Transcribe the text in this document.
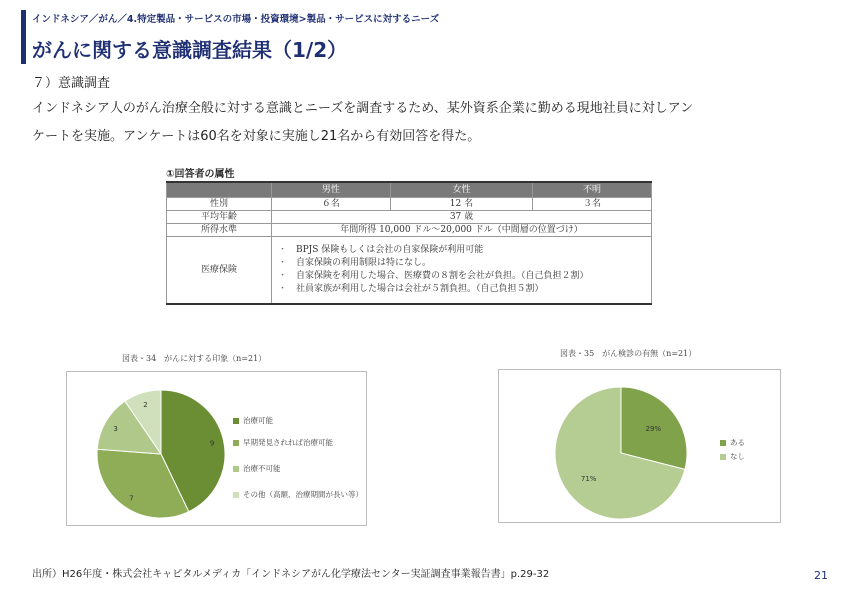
インドネシア／がん／4.特定製品・サービスの市場・投資環境>製品・サービスに対するニーズ
がんに関する意識調査結果（1/2）
７）意識調査
インドネシア人のがん治療全般に対する意識とニーズを調査するため、某外資系企業に勤める現地社員に対しアン
ケートを実施。アンケートは60名を対象に実施し21名から有効回答を得た。
①回答者の属性
	男性	女性	不明
性別	６名	12 名	３名
平均年齢	37 歳		
所得水準	年間所得 10,000 ドル～20,000 ドル（中間層の位置づけ）		
医療保険	・ BPJS 保険もしくは会社の自家保険が利用可能
・ 自家保険の利用制限は特になし。
・ 自家保険を利用した場合、医療費の８割を会社が負担。（自己負担２割）
・ 社員家族が利用した場合は会社が５割負担。（自己負担５割）		
図表・34　がんに対する印象（n=21）
9
7
3
2
治療可能
早期発見されれば治療可能
治療不可能
その他（高額、治療期間が長い等）
図表・35　がん検診の有無（n=21）
29%
71%
ある
なし
出所）H26年度・株式会社キャピタルメディカ「インドネシアがん化学療法センター実証調査事業報告書」p.29-32	21
